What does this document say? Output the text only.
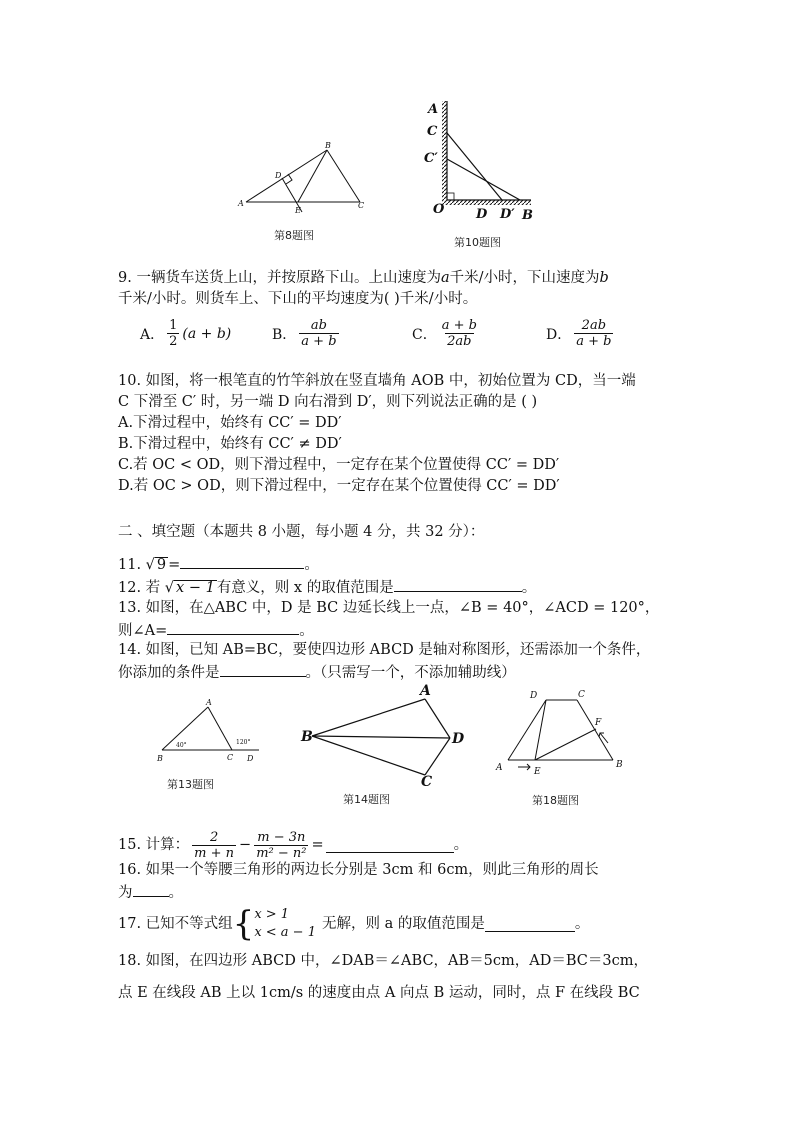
A
B
C
D
E
第8题图
A
C
C′
O D D′ B
第10题图
9. 一辆货车送货上山，并按原路下山。上山速度为a千米/小时，下山速度为b
千米/小时。则货车上、下山的平均速度为( )千米/小时。
A． $\frac{1}{2} (a + b)$	B． $\frac{ab}{a + b}$	C． $\frac{a + b}{2ab}$	D． $\frac{2ab}{a + b}$
10. 如图，将一根笔直的竹竿斜放在竖直墙角 AOB 中，初始位置为 CD，当一端
C 下滑至 C′ 时，另一端 D 向右滑到 D′，则下列说法正确的是 ( )
A.下滑过程中，始终有 CC′ = DD′
B.下滑过程中，始终有 CC′ ≠ DD′
C.若 OC < OD，则下滑过程中，一定存在某个位置使得 CC′ = DD′
D.若 OC > OD，则下滑过程中，一定存在某个位置使得 CC′ = DD′
二 、填空题（本题共 8 小题，每小题 4 分，共 32 分）：
11. √ 9 =	。
12. 若 √ x − 1 有意义，则 x 的取值范围是	。
13. 如图，在△ABC 中，D 是 BC 边延长线上一点，∠B = 40°，∠ACD = 120°，
则∠A=	。
14. 如图，已知 AB=BC，要使四边形 ABCD 是轴对称图形，还需添加一个条件，
你添加的条件是	。（只需写一个，不添加辅助线）
A
B	C D
40°	120°
第13题图
A
B
C
D
第14题图
A	B
C
D
E
F
第18题图
15. 计算： $\frac{2}{m + n} - \frac{m - 3n}{\text{m² − n²}}$ =	。
16. 如果一个等腰三角形的两边长分别是 3cm 和 6cm，则此三角形的周长
为 。
17. 已知不等式组 { x > 1
x < a − 1
无解，则 a 的取值范围是	。
18. 如图，在四边形 ABCD 中，∠DAB＝∠ABC，AB＝5cm，AD＝BC＝3cm，
点 E 在线段 AB 上以 1cm/s 的速度由点 A 向点 B 运动，同时，点 F 在线段 BC
